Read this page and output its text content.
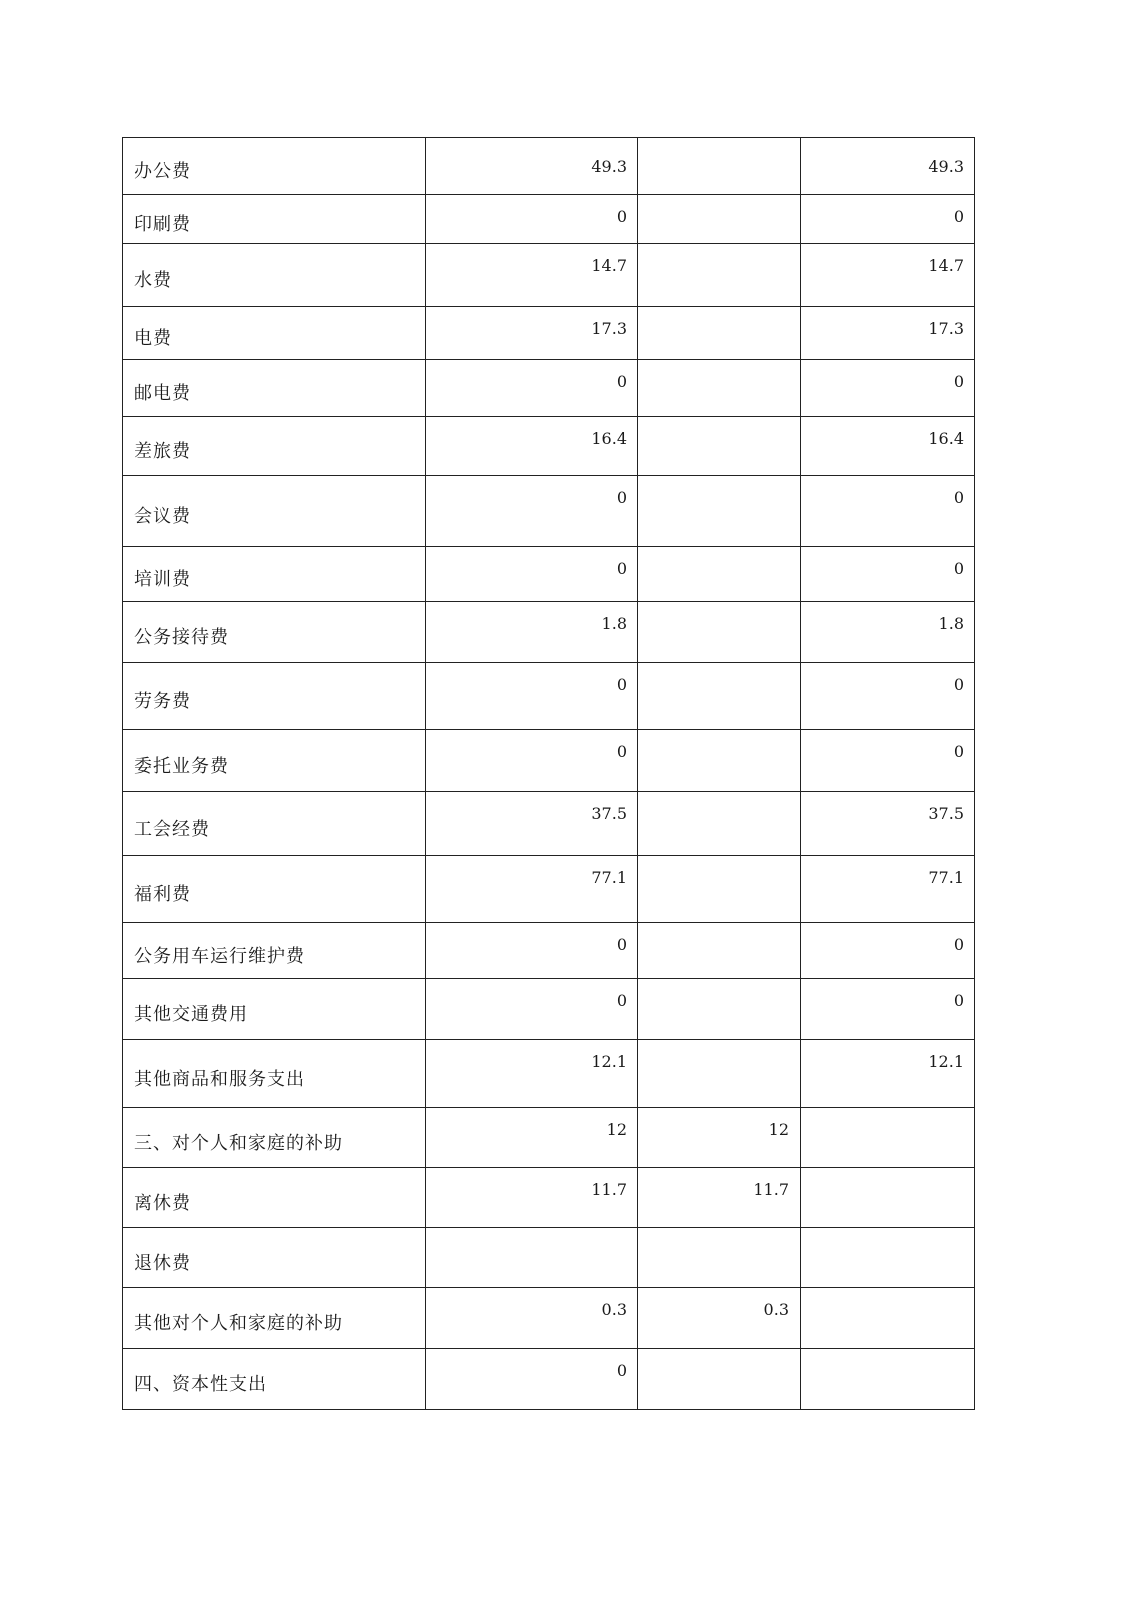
办公费	49.3		49.3
印刷费	0		0
水费	14.7		14.7
电费	17.3		17.3
邮电费	0		0
差旅费	16.4		16.4
会议费	0		0
培训费	0		0
公务接待费	1.8		1.8
劳务费	0		0
委托业务费	0		0
工会经费	37.5		37.5
福利费	77.1		77.1
公务用车运行维护费	0		0
其他交通费用	0		0
其他商品和服务支出	12.1		12.1
三、对个人和家庭的补助	12	12	
离休费	11.7	11.7	
退休费			
其他对个人和家庭的补助	0.3	0.3	
四、资本性支出	0		
